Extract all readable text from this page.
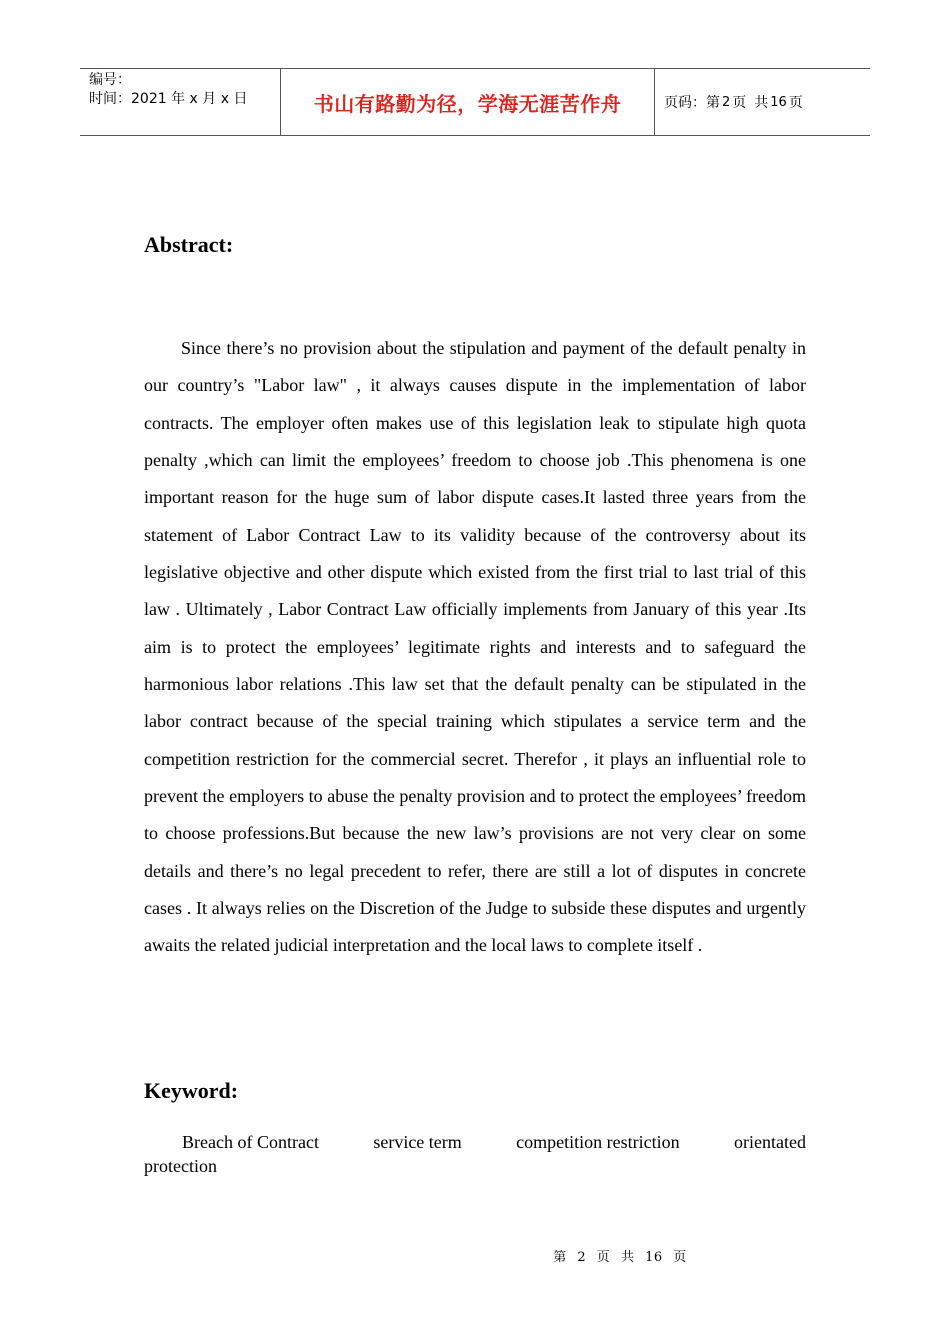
编号：
时间：2021 年 x 月 x 日	书山有路勤为径，学海无涯苦作舟	页码：第 2 页 共 16 页
Abstract:

Since there’s no provision about the stipulation and payment of the default penalty in our country’s "Labor law" , it always causes dispute in the implementation of labor contracts. The employer often makes use of this legislation leak to stipulate high quota penalty ,which can limit the employees’ freedom to choose job .This phenomena is one important reason for the huge sum of labor dispute cases.It lasted three years from the statement of Labor Contract Law to its validity because of the controversy about its legislative objective and other dispute which existed from the first trial to last trial of this law . Ultimately , Labor Contract Law officially implements from January of this year .Its aim is to protect the employees’ legitimate rights and interests and to safeguard the harmonious labor relations .This law set that the default penalty can be stipulated in the labor contract because of the special training which stipulates a service term and the competition restriction for the commercial secret. Therefor , it plays an influential role to prevent the employers to abuse the penalty provision and to protect the employees’ freedom to choose professions.But because the new law’s provisions are not very clear on some details and there’s no legal precedent to refer, there are still a lot of disputes in concrete cases . It always relies on the Discretion of the Judge to subside these disputes and urgently awaits the related judicial interpretation and the local laws to complete itself .

Keyword:
Breach of Contract	service term	competition restriction	orientated
protection
第 2 页 共 16 页
